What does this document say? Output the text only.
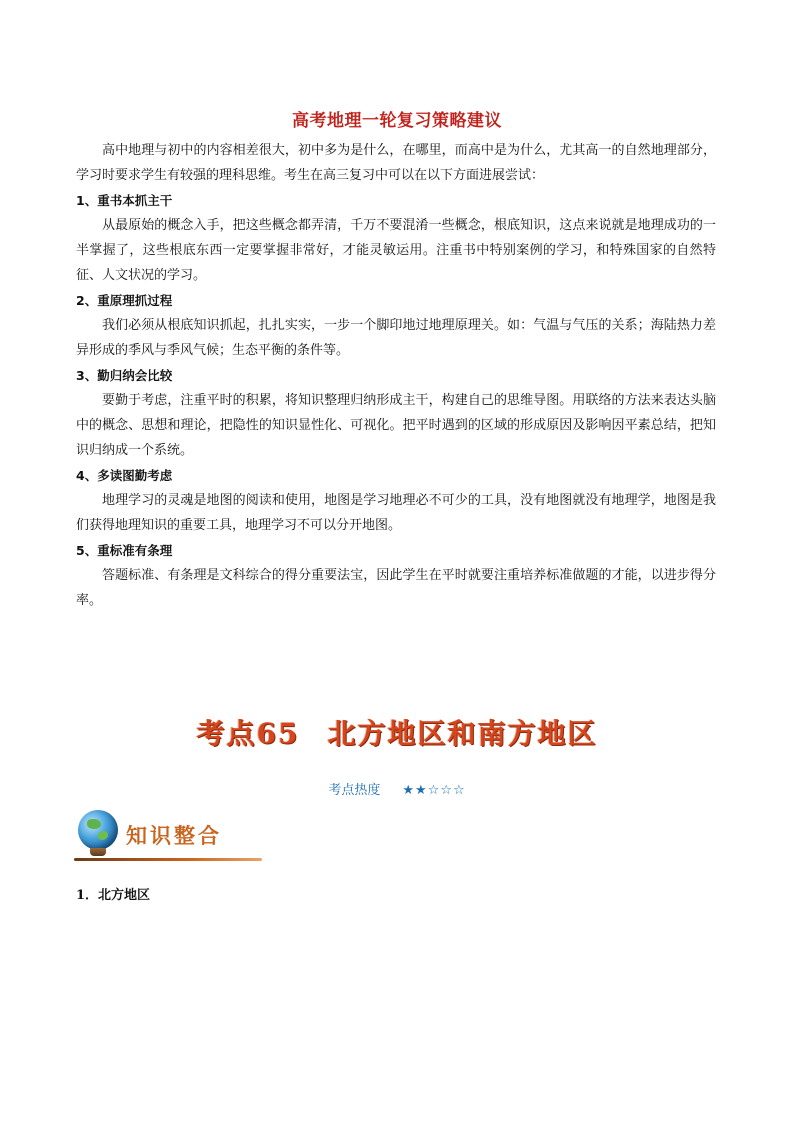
高考地理一轮复习策略建议

高中地理与初中的内容相差很大，初中多为是什么，在哪里，而高中是为什么，尤其高一的自然地理部分，学习时要求学生有较强的理科思维。考生在高三复习中可以在以下方面进展尝试：

1、重书本抓主干

从最原始的概念入手，把这些概念都弄清，千万不要混淆一些概念，根底知识，这点来说就是地理成功的一半掌握了，这些根底东西一定要掌握非常好，才能灵敏运用。注重书中特别案例的学习，和特殊国家的自然特征、人文状况的学习。

2、重原理抓过程

我们必须从根底知识抓起，扎扎实实，一步一个脚印地过地理原理关。如：气温与气压的关系；海陆热力差异形成的季风与季风气候；生态平衡的条件等。

3、勤归纳会比较

要勤于考虑，注重平时的积累，将知识整理归纳形成主干，构建自己的思维导图。用联络的方法来表达头脑中的概念、思想和理论，把隐性的知识显性化、可视化。把平时遇到的区域的形成原因及影响因平素总结，把知识归纳成一个系统。

4、多读图勤考虑

地理学习的灵魂是地图的阅读和使用，地图是学习地理必不可少的工具，没有地图就没有地理学，地图是我们获得地理知识的重要工具，地理学习不可以分开地图。

5、重标准有条理

答题标准、有条理是文科综合的得分重要法宝，因此学生在平时就要注重培养标准做题的才能，以进步得分率。

考点65 北方地区和南方地区
考点热度 ★★☆☆☆
知识整合
1．北方地区
